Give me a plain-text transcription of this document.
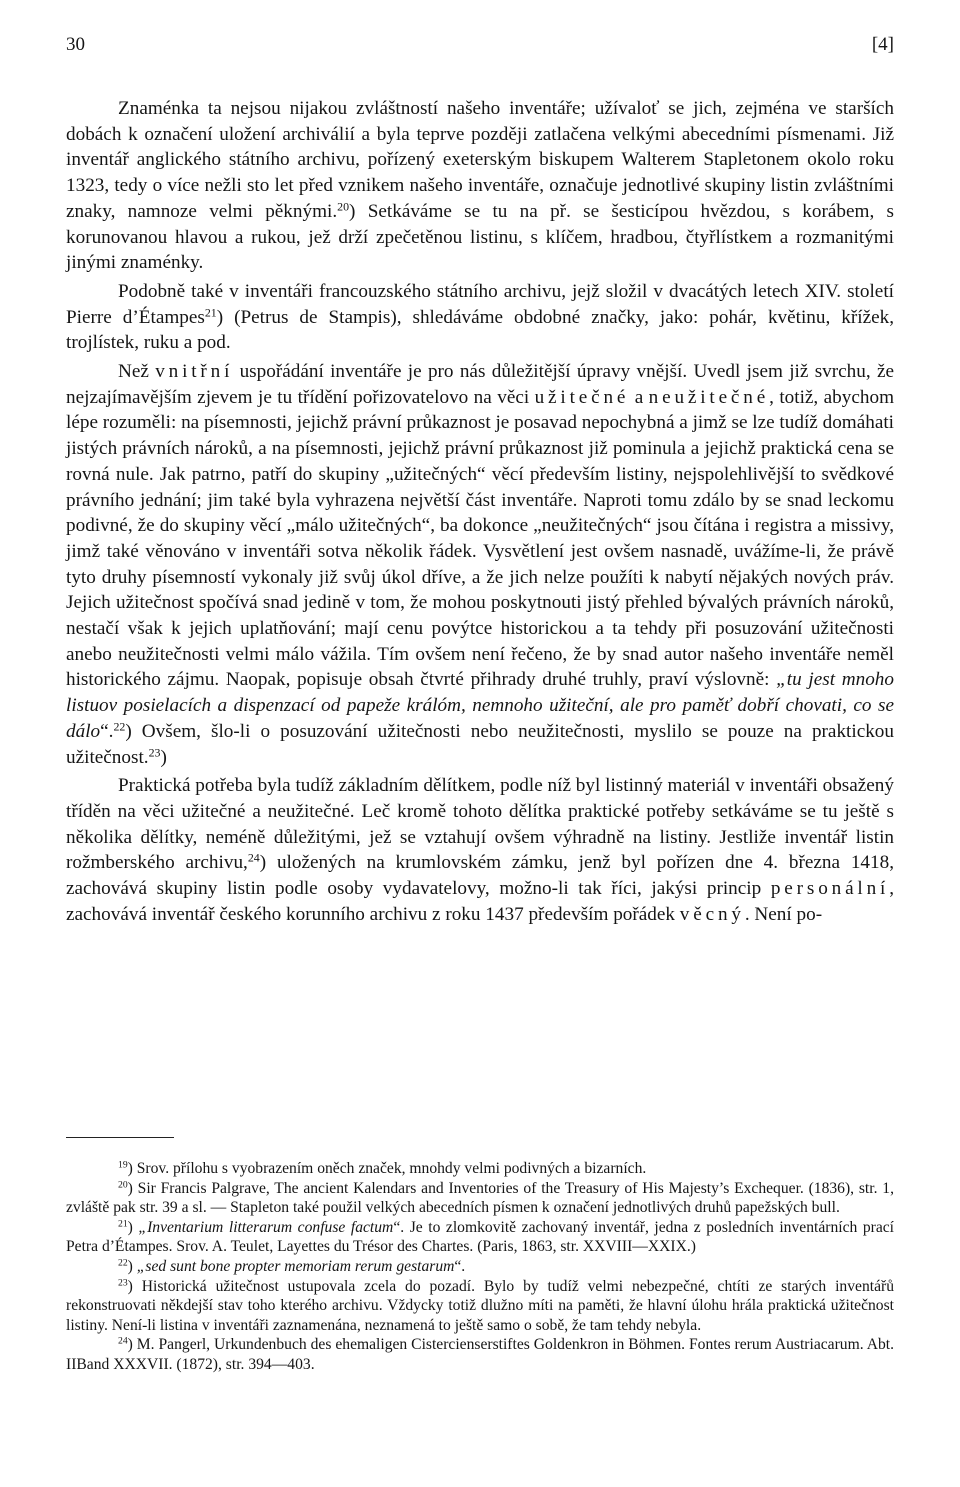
30	[4]

Znaménka ta nejsou nijakou zvláštností našeho inventáře; užívaloť se jich, zejména ve starších dobách k označení uložení archiválií a byla teprve později zatlačena velkými abecedními písmenami. Již inventář anglického státního archivu, pořízený exeterským biskupem Walterem Stapletonem okolo roku 1323, tedy o více nežli sto let před vznikem našeho inventáře, označuje jednotlivé skupiny listin zvláštními znaky, namnoze velmi pěknými.$^{20}$) Setkáváme se tu na př. se šesticípou hvězdou, s korábem, s korunovanou hlavou a rukou, jež drží zpečetěnou listinu, s klíčem, hradbou, čtyřlístkem a rozmanitými jinými znaménky.

Podobně také v inventáři francouzského státního archivu, jejž složil v dvacátých letech XIV. století Pierre d’Étampes$^{21}$) (Petrus de Stampis), shledáváme obdobné značky, jako: pohár, květinu, křížek, trojlístek, ruku a pod.

Než vnitřní uspořádání inventáře je pro nás důležitější úpravy vnější. Uvedl jsem již svrchu, že nejzajímavějším zjevem je tu třídění pořizovatelovo na věci užitečné a neužitečné, totiž, abychom lépe rozuměli: na písemnosti, jejichž právní průkaznost je posavad nepochybná a jimž se lze tudíž domáhati jistých právních nároků, a na písemnosti, jejichž právní průkaznost již pominula a jejichž praktická cena se rovná nule. Jak patrno, patří do skupiny „užitečných“ věcí především listiny, nejspolehlivější to svědkové právního jednání; jim také byla vyhrazena největší část inventáře. Naproti tomu zdálo by se snad leckomu podivné, že do skupiny věcí „málo užitečných“, ba dokonce „neužitečných“ jsou čítána i registra a missivy, jimž také věnováno v inventáři sotva několik řádek. Vysvětlení jest ovšem nasnadě, uvážíme-li, že právě tyto druhy písemností vykonaly již svůj úkol dříve, a že jich nelze použíti k nabytí nějakých nových práv. Jejich užitečnost spočívá snad jedině v tom, že mohou poskytnouti jistý přehled bývalých právních nároků, nestačí však k jejich uplatňování; mají cenu povýtce historickou a ta tehdy při posuzování užitečnosti anebo neužitečnosti velmi málo vážila. Tím ovšem není řečeno, že by snad autor našeho inventáře neměl historického zájmu. Naopak, popisuje obsah čtvrté přihrady druhé truhly, praví výslovně: „tu jest mnoho listuov posielacích a dispenzací od papeže králóm, nemnoho užiteční, ale pro paměť dobří chovati, co se dálo“.$^{22}$) Ovšem, šlo-li o posuzování užitečnosti nebo neužitečnosti, myslilo se pouze na praktickou užitečnost.$^{23}$)

Praktická potřeba byla tudíž základním dělítkem, podle níž byl listinný materiál v inventáři obsažený tříděn na věci užitečné a neužitečné. Leč kromě tohoto dělítka praktické potřeby setkáváme se tu ještě s několika dělítky, neméně důležitými, jež se vztahují ovšem výhradně na listiny. Jestliže inventář listin rožmberského archivu,$^{24}$) uložených na krumlovském zámku, jenž byl pořízen dne 4. března 1418, zachovává skupiny listin podle osoby vydavatelovy, možno-li tak říci, jakýsi princip personální, zachovává inventář českého korunního archivu z roku 1437 především pořádek věcný. Není po-

$^{19}$) Srov. přílohu s vyobrazením oněch značek, mnohdy velmi podivných a bizarních.

$^{20}$) Sir Francis Palgrave, The ancient Kalendars and Inventories of the Treasury of His Majesty’s Exchequer. (1836), str. 1, zvláště pak str. 39 a sl. — Stapleton také použil velkých abecedních písmen k označení jednotlivých druhů papežských bull.

$^{21}$) „Inventarium litterarum confuse factum“. Je to zlomkovitě zachovaný inventář, jedna z posledních inventárních prací Petra d’Étampes. Srov. A. Teulet, Layettes du Trésor des Chartes. (Paris, 1863, str. XXVIII—XXIX.)

$^{22}$) „sed sunt bone propter memoriam rerum gestarum“.

$^{23}$) Historická užitečnost ustupovala zcela do pozadí. Bylo by tudíž velmi nebezpečné, chtíti ze starých inventářů rekonstruovati někdejší stav toho kterého archivu. Vždycky totiž dlužno míti na paměti, že hlavní úlohu hrála praktická užitečnost listiny. Není-li listina v inventáři zaznamenána, neznamená to ještě samo o sobě, že tam tehdy nebyla.

$^{24}$) M. Pangerl, Urkundenbuch des ehemaligen Cistercienserstiftes Goldenkron in Böhmen. Fontes rerum Austriacarum. Abt. IIBand XXXVII. (1872), str. 394—403.
